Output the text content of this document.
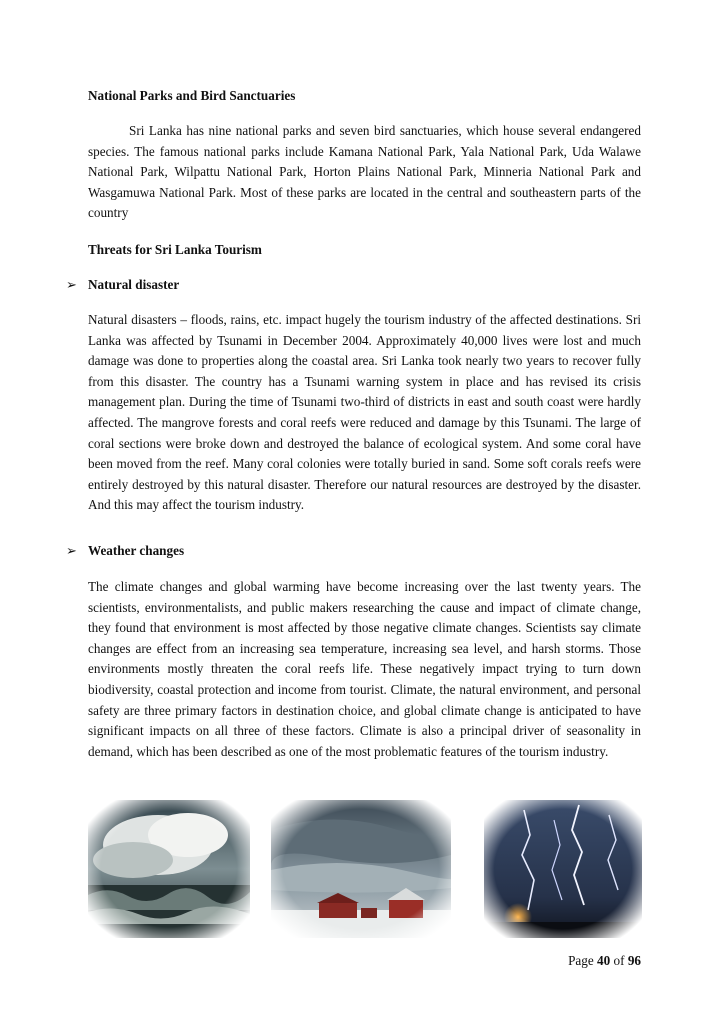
National Parks and Bird Sanctuaries

Sri Lanka has nine national parks and seven bird sanctuaries, which house several endangered species. The famous national parks include Kamana National Park, Yala National Park, Uda Walawe National Park, Wilpattu National Park, Horton Plains National Park, Minneria National Park and Wasgamuwa National Park. Most of these parks are located in the central and southeastern parts of the country

Threats for Sri Lanka Tourism

➢ Natural disaster

Natural disasters – floods, rains, etc. impact hugely the tourism industry of the affected destinations. Sri Lanka was affected by Tsunami in December 2004. Approximately 40,000 lives were lost and much damage was done to properties along the coastal area. Sri Lanka took nearly two years to recover fully from this disaster. The country has a Tsunami warning system in place and has revised its crisis management plan. During the time of Tsunami two-third of districts in east and south coast were hardly affected. The mangrove forests and coral reefs were reduced and damage by this Tsunami. The large of coral sections were broke down and destroyed the balance of ecological system. And some coral have been moved from the reef. Many coral colonies were totally buried in sand. Some soft corals reefs were entirely destroyed by this natural disaster. Therefore our natural resources are destroyed by the disaster. And this may affect the tourism industry.

➢ Weather changes

The climate changes and global warming have become increasing over the last twenty years. The scientists, environmentalists, and public makers researching the cause and impact of climate change, they found that environment is most affected by those negative climate changes. Scientists say climate changes are effect from an increasing sea temperature, increasing sea level, and harsh storms. Those environments mostly threaten the coral reefs life. These negatively impact trying to turn down biodiversity, coastal protection and income from tourist. Climate, the natural environment, and personal safety are three primary factors in destination choice, and global climate change is anticipated to have significant impacts on all three of these factors. Climate is also a principal driver of seasonality in demand, which has been described as one of the most problematic features of the tourism industry.

Page 40 of 96
